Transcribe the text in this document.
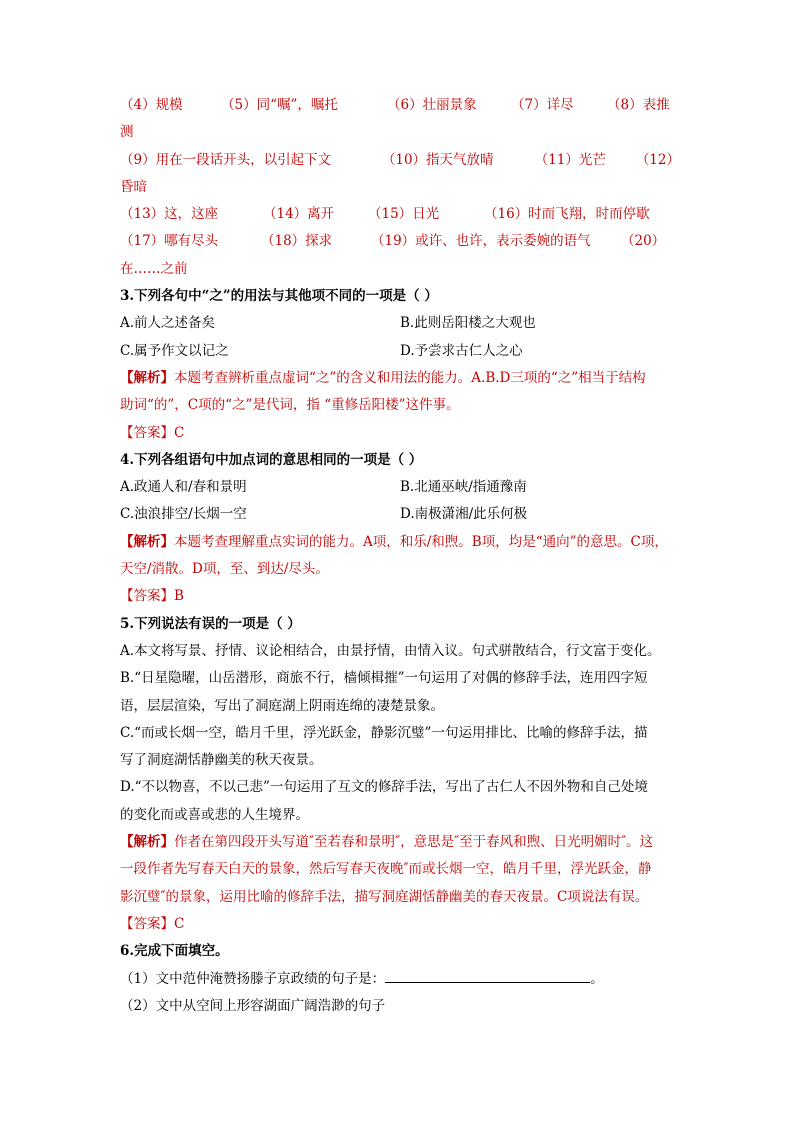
（4）规模	（5）同“嘱”，嘱托	（6）壮丽景象	（7）详尽	（8）表推
测
（9）用在一段话开头，以引起下文	（10）指天气放晴	（11）光芒	（12）
昏暗
（13）这，这座	（14）离开	（15）日光	（16）时而飞翔，时而停歇
（17）哪有尽头	（18）探求	（19）或许、也许，表示委婉的语气	（20）
在……之前
3.下列各句中“之”的用法与其他项不同的一项是（ ）
A.前人之述备矣	B.此则岳阳楼之大观也
C.属予作文以记之	D.予尝求古仁人之心
【解析】本题考查辨析重点虚词“之”的含义和用法的能力。A.B.D三项的“之”相当于结构
助词“的”，C项的“之”是代词，指 “重修岳阳楼”这件事。
【答案】C
4.下列各组语句中加点词的意思相同的一项是（ ）
A.政通人和/春和景明	B.北通巫峡/指通豫南
C.浊浪排空/长烟一空	D.南极潇湘/此乐何极
【解析】本题考查理解重点实词的能力。A项，和乐/和煦。B项，均是“通向”的意思。C项，
天空/消散。D项，至、到达/尽头。
【答案】B
5.下列说法有误的一项是（ ）
A.本文将写景、抒情、议论相结合，由景抒情，由情入议。句式骈散结合，行文富于变化。
B.“日星隐曜，山岳潜形，商旅不行，樯倾楫摧”一句运用了对偶的修辞手法，连用四字短
语，层层渲染，写出了洞庭湖上阴雨连绵的凄楚景象。
C.“而或长烟一空，皓月千里，浮光跃金，静影沉璧”一句运用排比、比喻的修辞手法，描
写了洞庭湖恬静幽美的秋天夜景。
D.“不以物喜，不以己悲”一句运用了互文的修辞手法，写出了古仁人不因外物和自己处境
的变化而或喜或悲的人生境界。
【解析】作者在第四段开头写道″至若春和景明″，意思是″至于春风和煦、日光明媚时″。这
一段作者先写春天白天的景象，然后写春天夜晚″而或长烟一空，皓月千里，浮光跃金，静
影沉璧″的景象，运用比喻的修辞手法，描写洞庭湖恬静幽美的春天夜景。C项说法有误。
【答案】C
6.完成下面填空。
（1）文中范仲淹赞扬滕子京政绩的句子是：	。
（2）文中从空间上形容湖面广阔浩渺的句子
